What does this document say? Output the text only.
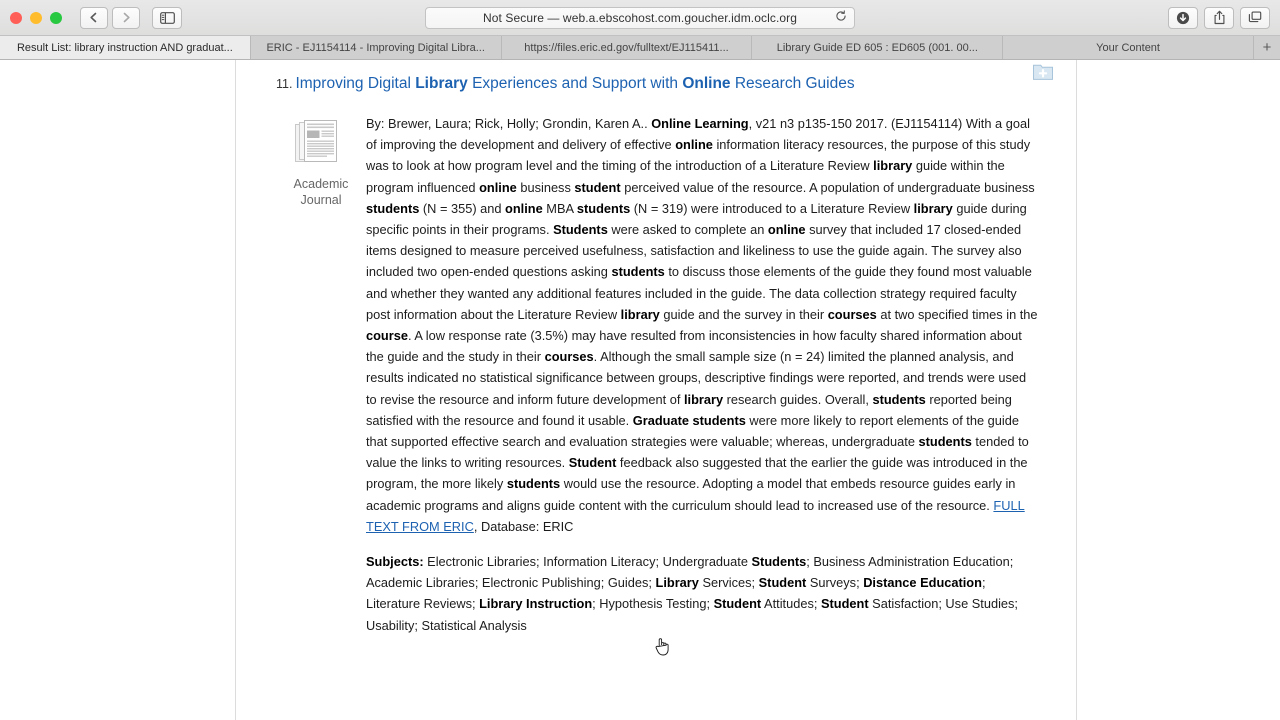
Not Secure — web.a.ebscohost.com.goucher.idm.oclc.org
Result List: library instruction AND graduat...	ERIC - EJ1154114 - Improving Digital Libra...	https://files.eric.ed.gov/fulltext/EJ115411...	Library Guide ED 605 : ED605 (001. 00...	Your Content	+
11. Improving Digital Library Experiences and Support with Online Research Guides
Academic Journal
By: Brewer, Laura; Rick, Holly; Grondin, Karen A.. Online Learning, v21 n3 p135-150 2017. (EJ1154114) With a goal of improving the development and delivery of effective online information literacy resources, the purpose of this study was to look at how program level and the timing of the introduction of a Literature Review library guide within the program influenced online business student perceived value of the resource. A population of undergraduate business students (N = 355) and online MBA students (N = 319) were introduced to a Literature Review library guide during specific points in their programs. Students were asked to complete an online survey that included 17 closed-ended items designed to measure perceived usefulness, satisfaction and likeliness to use the guide again. The survey also included two open-ended questions asking students to discuss those elements of the guide they found most valuable and whether they wanted any additional features included in the guide. The data collection strategy required faculty post information about the Literature Review library guide and the survey in their courses at two specified times in the course. A low response rate (3.5%) may have resulted from inconsistencies in how faculty shared information about the guide and the study in their courses. Although the small sample size (n = 24) limited the planned analysis, and results indicated no statistical significance between groups, descriptive findings were reported, and trends were used to revise the resource and inform future development of library research guides. Overall, students reported being satisfied with the resource and found it usable. Graduate students were more likely to report elements of the guide that supported effective search and evaluation strategies were valuable; whereas, undergraduate students tended to value the links to writing resources. Student feedback also suggested that the earlier the guide was introduced in the program, the more likely students would use the resource. Adopting a model that embeds resource guides early in academic programs and aligns guide content with the curriculum should lead to increased use of the resource. FULL TEXT FROM ERIC, Database: ERIC
Subjects: Electronic Libraries; Information Literacy; Undergraduate Students; Business Administration Education; Academic Libraries; Electronic Publishing; Guides; Library Services; Student Surveys; Distance Education; Literature Reviews; Library Instruction; Hypothesis Testing; Student Attitudes; Student Satisfaction; Use Studies; Usability; Statistical Analysis
